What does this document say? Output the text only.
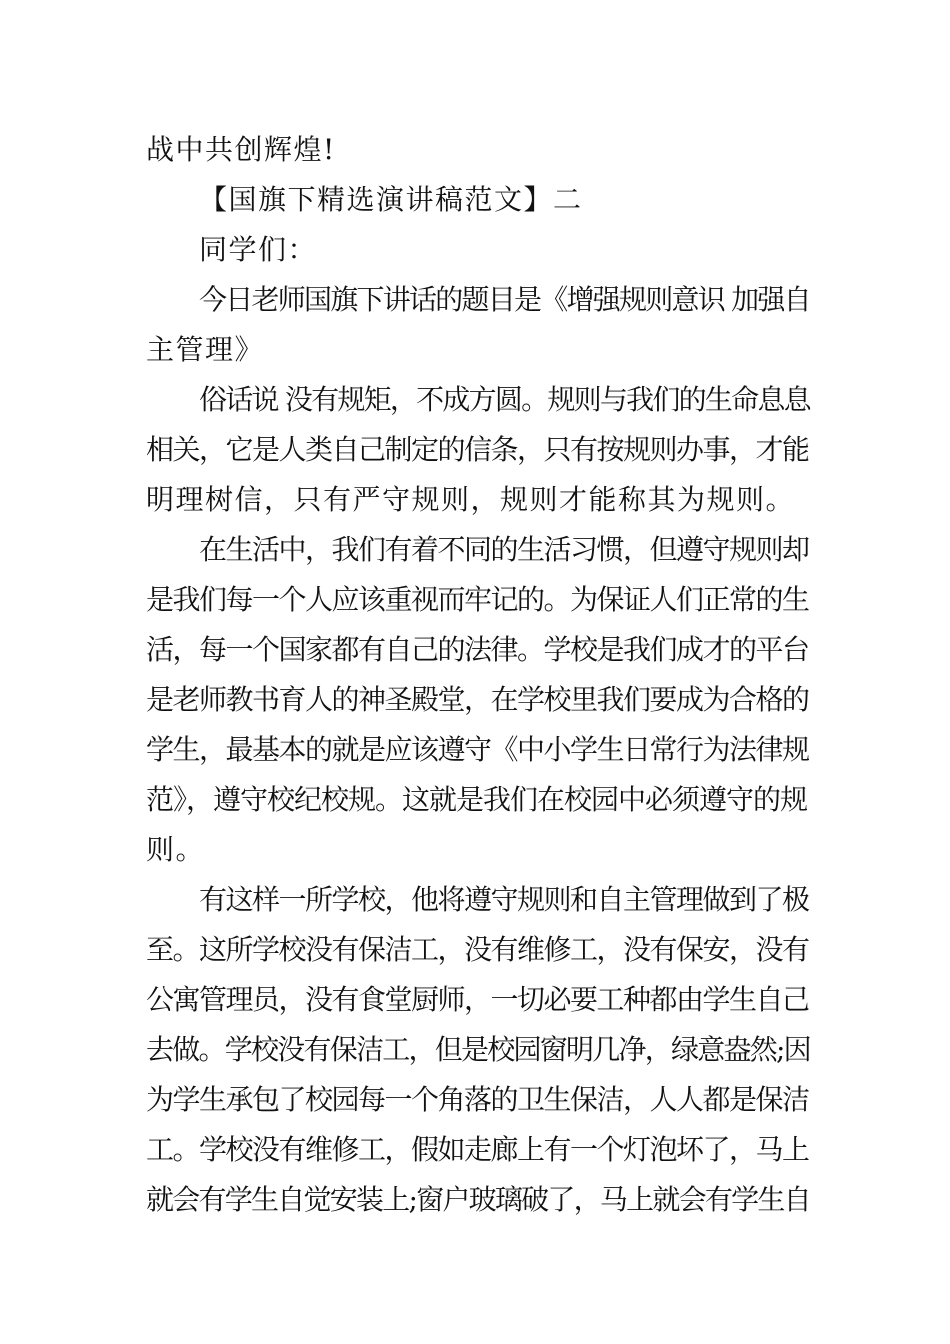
战中共创辉煌!
【国旗下精选演讲稿范文】二
同学们：
今日老师国旗下讲话的题目是《增强规则意识 加强自
主管理》
俗话说 没有规矩，不成方圆。规则与我们的生命息息
相关，它是人类自己制定的信条，只有按规则办事，才能
明理树信，只有严守规则，规则才能称其为规则。
在生活中，我们有着不同的生活习惯，但遵守规则却
是我们每一个人应该重视而牢记的。为保证人们正常的生
活，每一个国家都有自己的法律。学校是我们成才的平台
是老师教书育人的神圣殿堂，在学校里我们要成为合格的
学生，最基本的就是应该遵守《中小学生日常行为法律规
范》，遵守校纪校规。这就是我们在校园中必须遵守的规
则。
有这样一所学校，他将遵守规则和自主管理做到了极
至。这所学校没有保洁工，没有维修工，没有保安，没有
公寓管理员，没有食堂厨师，一切必要工种都由学生自己
去做。学校没有保洁工，但是校园窗明几净，绿意盎然;因
为学生承包了校园每一个角落的卫生保洁，人人都是保洁
工。学校没有维修工，假如走廊上有一个灯泡坏了，马上
就会有学生自觉安装上;窗户玻璃破了，马上就会有学生自
